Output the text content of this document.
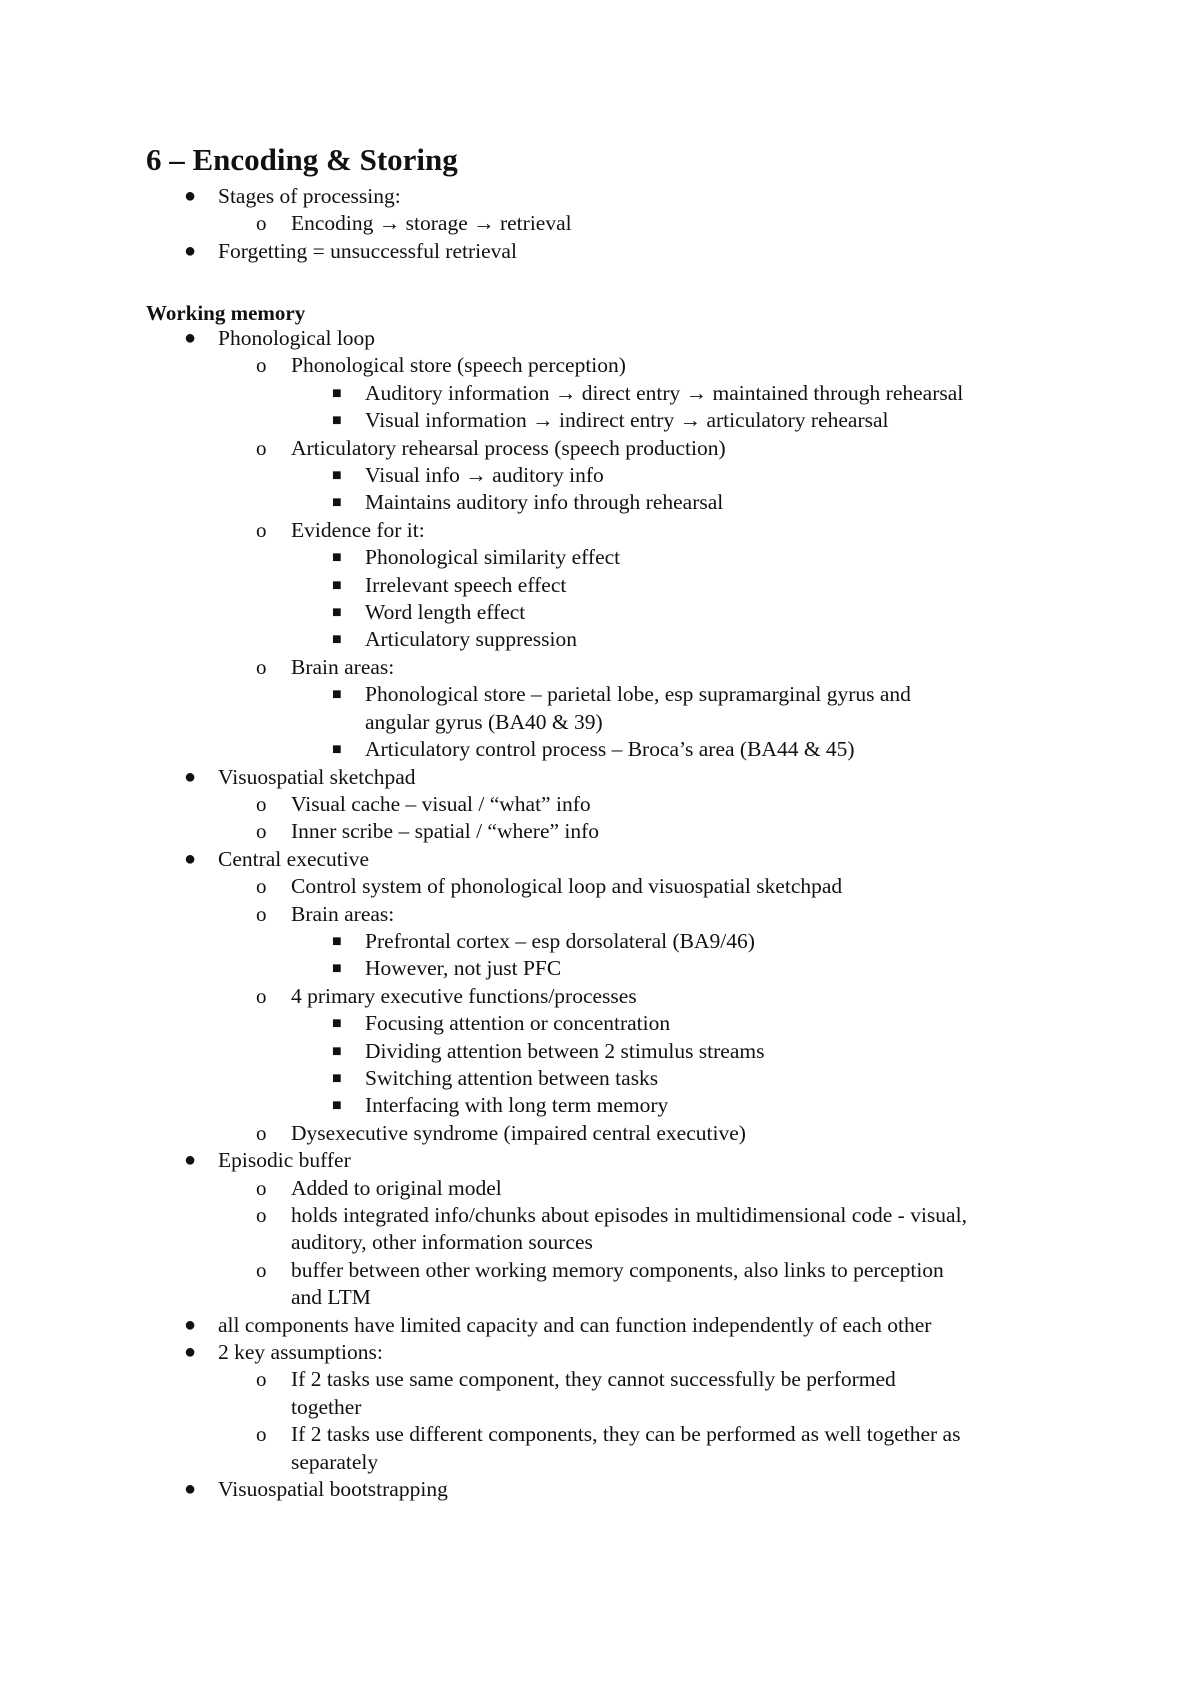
6 – Encoding & Storing
● Stages of processing:
o Encoding → storage → retrieval
● Forgetting = unsuccessful retrieval
Working memory
● Phonological loop
o Phonological store (speech perception)
■ Auditory information → direct entry → maintained through rehearsal
■ Visual information → indirect entry → articulatory rehearsal
o Articulatory rehearsal process (speech production)
■ Visual info → auditory info
■ Maintains auditory info through rehearsal
o Evidence for it:
■ Phonological similarity effect
■ Irrelevant speech effect
■ Word length effect
■ Articulatory suppression
o Brain areas:
■ Phonological store – parietal lobe, esp supramarginal gyrus and
angular gyrus (BA40 & 39)
■ Articulatory control process – Broca’s area (BA44 & 45)
● Visuospatial sketchpad
o Visual cache – visual / “what” info
o Inner scribe – spatial / “where” info
● Central executive
o Control system of phonological loop and visuospatial sketchpad
o Brain areas:
■ Prefrontal cortex – esp dorsolateral (BA9/46)
■ However, not just PFC
o 4 primary executive functions/processes
■ Focusing attention or concentration
■ Dividing attention between 2 stimulus streams
■ Switching attention between tasks
■ Interfacing with long term memory
o Dysexecutive syndrome (impaired central executive)
● Episodic buffer
o Added to original model
o holds integrated info/chunks about episodes in multidimensional code - visual,
auditory, other information sources
o buffer between other working memory components, also links to perception
and LTM
● all components have limited capacity and can function independently of each other
● 2 key assumptions:
o If 2 tasks use same component, they cannot successfully be performed
together
o If 2 tasks use different components, they can be performed as well together as
separately
● Visuospatial bootstrapping
